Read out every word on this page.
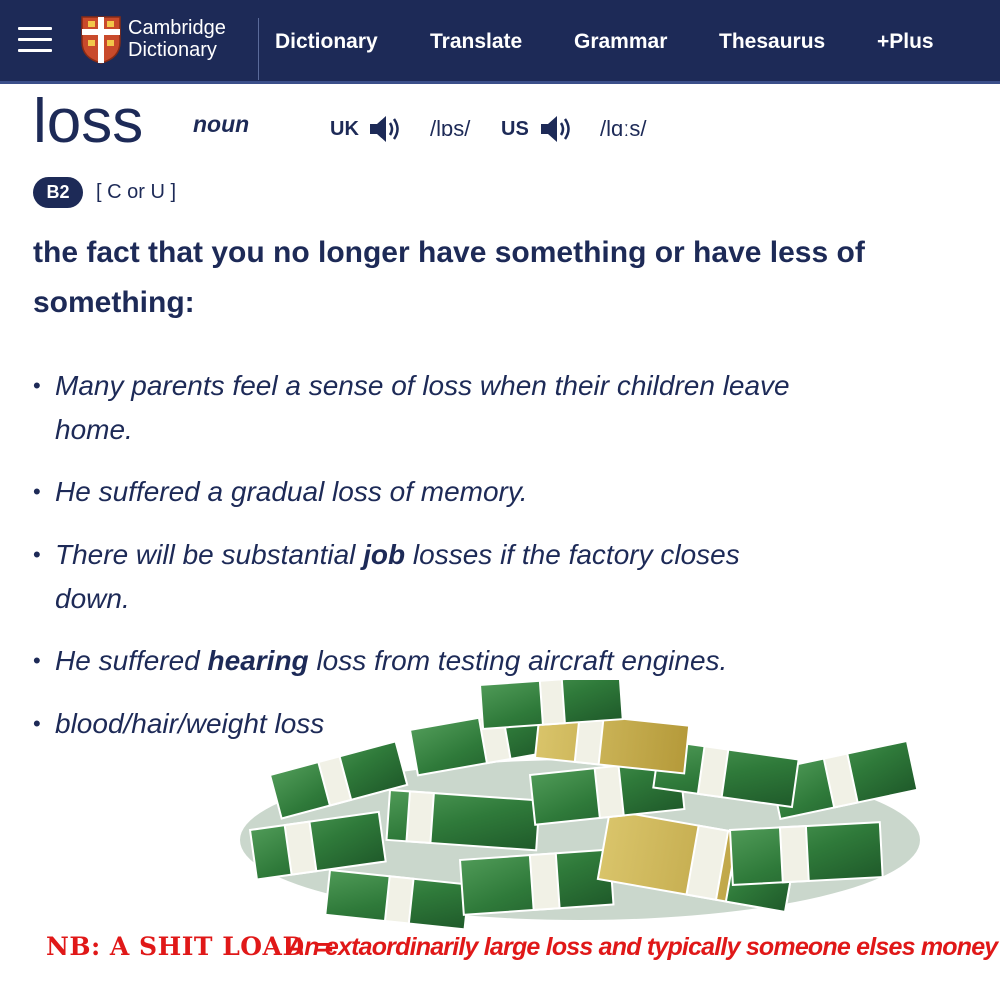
Cambridge
Dictionary	Dictionary Translate Grammar Thesaurus +Plus
loss noun	UK	/lɒs/ US	/lɑːs/
B2	[ C or U ]
the fact that you no longer have something or have less of something:
• Many parents feel a sense of loss when their children leave
home.
• He suffered a gradual loss of memory.
• There will be substantial job losses if the factory closes
down.
• He suffered hearing loss from testing aircraft engines.
NB: A SHIT LOAD =
An extaordinarily large loss and typically someone elses money
• blood/hair/weight loss
